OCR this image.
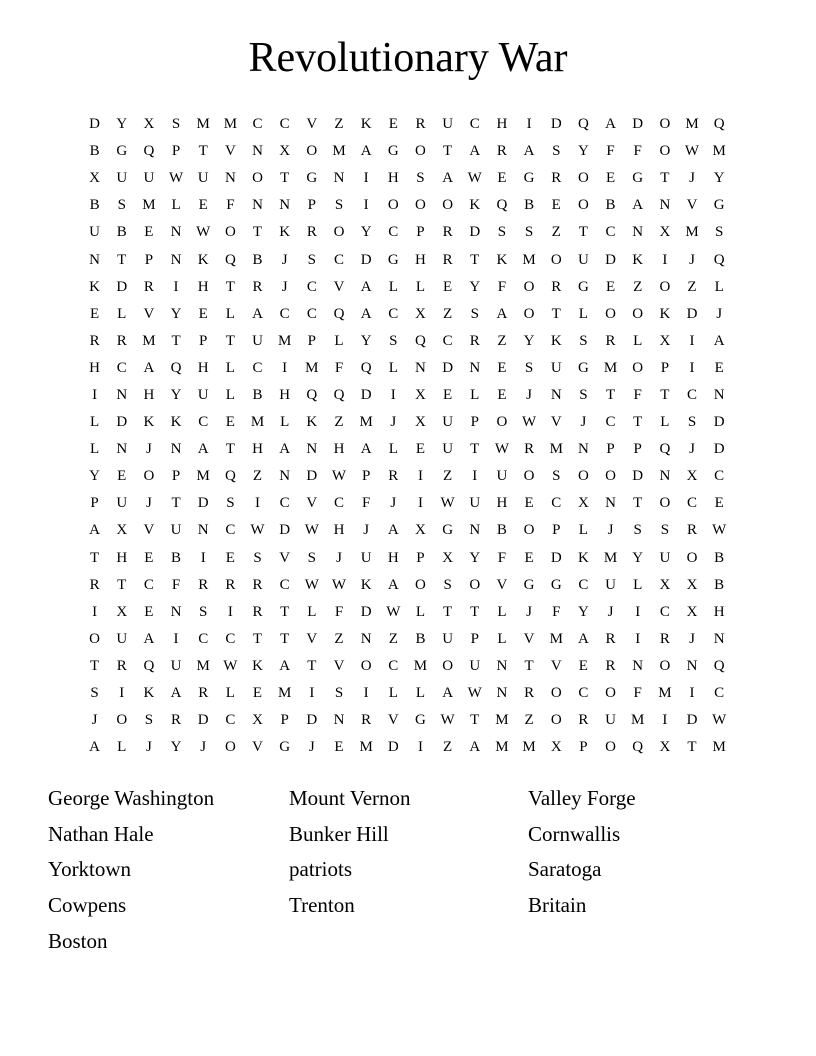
Revolutionary War
D	Y	X	S	M M	C	C	V	Z	K	E	R	U	C	H	I	D	Q	A	D	O	M	Q
B	G	Q	P	T	V	N	X	O	M	A	G	O	T	A	R	A	S	Y	F	F	O W M
X	U	U W U	N	O	T	G	N	I	H	S	A W	E	G	R	O	E	G	T	J	Y
B	S	M	L	E	F	N	N	P	S	I	O	O	O	K	Q	B	E	O	B	A	N	V	G
U	B	E	N W O	T	K	R	O	Y	C	P	R	D	S	S	Z	T	C	N	X	M	S
N	T	P	N	K	Q	B	J	S	C	D	G	H	R	T	K	M	O	U	D	K	I	J	Q
K	D	R	I	H	T	R	J	C	V	A	L	L	E	Y	F	O	R	G	E	Z	O	Z	L
E	L	V	Y	E	L	A	C	C	Q	A	C	X	Z	S	A	O	T	L	O	O	K	D	J
R	R	M	T	P	T	U	M	P	L	Y	S	Q	C	R	Z	Y	K	S	R	L	X	I	A
H	C	A	Q	H	L	C	I	M	F	Q	L	N	D	N	E	S	U	G	M	O	P	I	E
I	N	H	Y	U	L	B	H	Q	Q	D	I	X	E	L	E	J	N	S	T	F	T	C	N
L	D	K	K	C	E	M	L	K	Z	M	J	X	U	P	O W V	J	C	T	L	S	D
L	N	J	N	A	T	H	A	N	H	A	L	E	U	T	W	R	M	N	P	P	Q	J	D
Y	E	O	P	M	Q	Z	N	D W	P	R	I	Z	I	U	O	S	O	O	D	N	X	C
P	U	J	T	D	S	I	C	V	C	F	J	I	W U	H	E	C	X	N	T	O	C	E
A	X	V	U	N	C	W D W H	J	A	X	G	N	B	O	P	L	J	S	S	R	W
T	H	E	B	I	E	S	V	S	J	U	H	P	X	Y	F	E	D	K	M	Y	U	O	B
R	T	C	F	R	R	R	C	W W K	A	O	S	O	V	G	G	C	U	L	X	X	B
I	X	E	N	S	I	R	T	L	F	D W	L	T	T	L	J	F	Y	J	I	C	X	H
O	U	A	I	C	C	T	T	V	Z	N	Z	B	U	P	L	V	M	A	R	I	R	J	N
T	R	Q	U	M W K	A	T	V	O	C	M	O	U	N	T	V	E	R	N	O	N	Q
S	I	K	A	R	L	E	M	I	S	I	L	L	A W N	R	O	C	O	F	M	I	C
J	O	S	R	D	C	X	P	D	N	R	V	G W	T	M	Z	O	R	U	M	I	D W
A	L	J	Y	J	O	V	G	J	E	M	D	I	Z	A	M M	X	P	O	Q	X	T	M
George Washington
Nathan Hale
Yorktown
Cowpens
Boston
Mount Vernon
Bunker Hill
patriots
Trenton
Valley Forge
Cornwallis
Saratoga
Britain
